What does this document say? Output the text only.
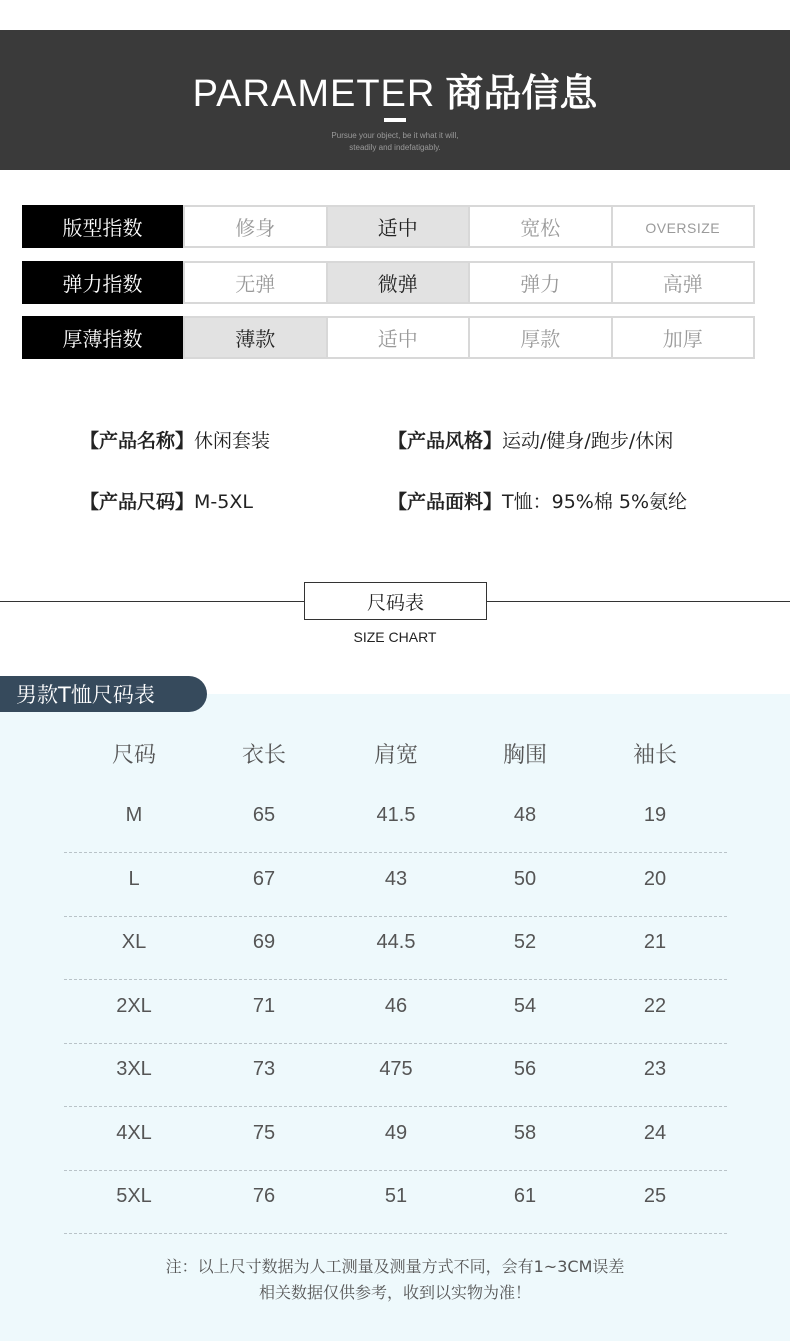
PARAMETER 商品信息
Pursue your object, be it what it will,
steadily and indefatigably.
版型指数	修身	适中	宽松	OVERSIZE
弹力指数	无弹	微弹	弹力	高弹
厚薄指数	薄款	适中	厚款	加厚
【产品名称】休闲套装	【产品风格】运动/健身/跑步/休闲
【产品尺码】M-5XL	【产品面料】T恤：95%棉 5%氨纶
尺码表
SIZE CHART
男款T恤尺码表
尺码	衣长	肩宽	胸围	袖长
M	65	41.5	48	19
L	67	43	50	20
XL	69	44.5	52	21
2XL	71	46	54	22
3XL	73	475	56	23
4XL	75	49	58	24
5XL	76	51	61	25
注：以上尺寸数据为人工测量及测量方式不同，会有1~3CM误差
相关数据仅供参考，收到以实物为准！
